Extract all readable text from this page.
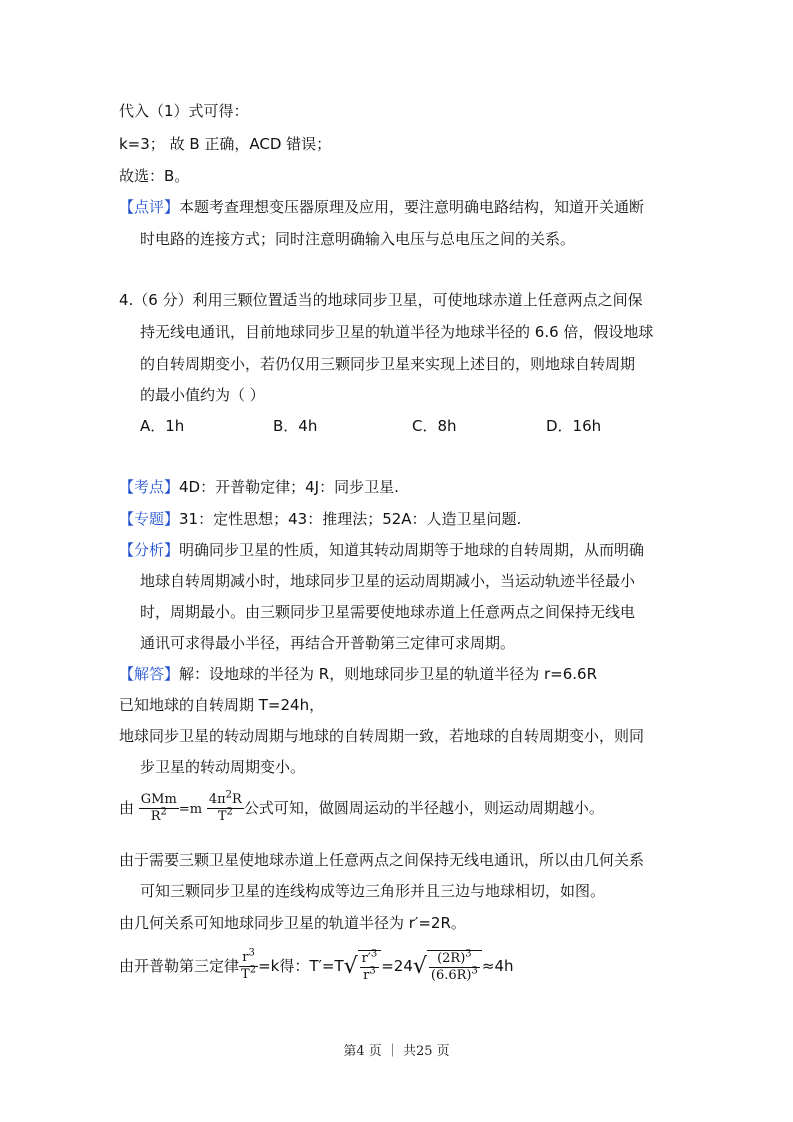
代入（1）式可得：
k=3； 故 B 正确，ACD 错误；
故选：B。
【点评】本题考查理想变压器原理及应用，要注意明确电路结构，知道开关通断
时电路的连接方式；同时注意明确输入电压与总电压之间的关系。
4.（6 分）利用三颗位置适当的地球同步卫星，可使地球赤道上任意两点之间保
持无线电通讯，目前地球同步卫星的轨道半径为地球半径的 6.6 倍，假设地球
的自转周期变小，若仍仅用三颗同步卫星来实现上述目的，则地球自转周期
的最小值约为（ ）
A．1h	B．4h	C．8h	D．16h
【考点】4D：开普勒定律；4J：同步卫星.
【专题】31：定性思想；43：推理法；52A：人造卫星问题.
【分析】明确同步卫星的性质，知道其转动周期等于地球的自转周期，从而明确
地球自转周期减小时，地球同步卫星的运动周期减小，当运动轨迹半径最小
时，周期最小。由三颗同步卫星需要使地球赤道上任意两点之间保持无线电
通讯可求得最小半径，再结合开普勒第三定律可求周期。
【解答】解：设地球的半径为 R，则地球同步卫星的轨道半径为 r=6.6R
已知地球的自转周期 T=24h，
地球同步卫星的转动周期与地球的自转周期一致，若地球的自转周期变小，则同
步卫星的转动周期变小。
由 $\frac{\text{GMm}}{R^2} =m \frac{4\pi^2R}{T^2}$ 公式可知，做圆周运动的半径越小，则运动周期越小。
由于需要三颗卫星使地球赤道上任意两点之间保持无线电通讯，所以由几何关系
可知三颗同步卫星的连线构成等边三角形并且三边与地球相切，如图。
由几何关系可知地球同步卫星的轨道半径为 r′=2R。
由开普勒第三定律 $\frac{r^3}{T^2} =k$得：T′=T √ $\frac{r'^3}{r^3} =24$ √ $\frac{(2R)^3}{(6.6R)^3} \approx 4h$
第4 页 ｜ 共25 页
